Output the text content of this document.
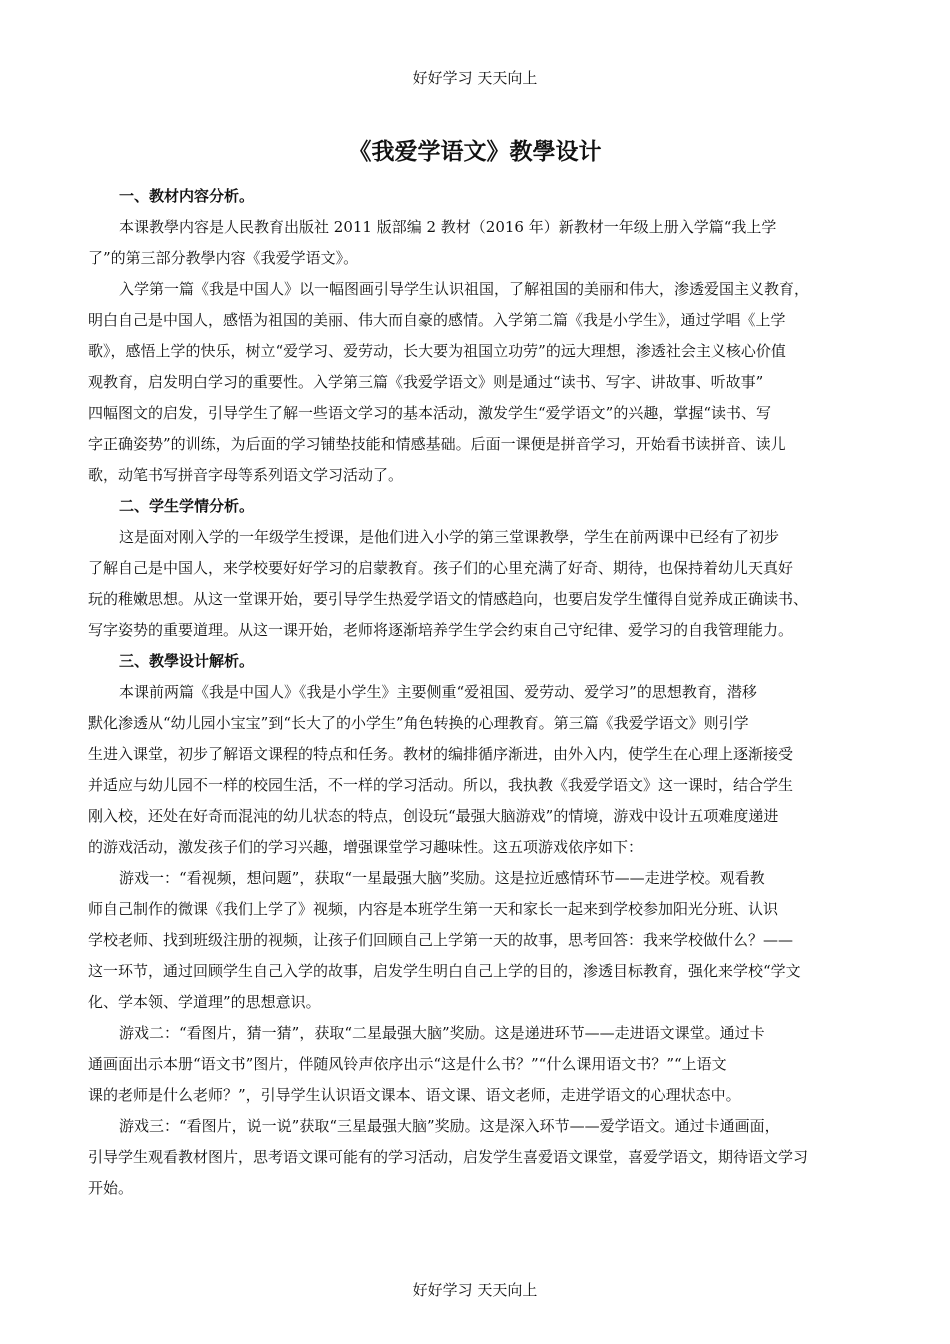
好好学习 天天向上
《我爱学语文》教學设计
一、教材内容分析。

本课教學内容是人民教育出版社 2011 版部编 2 教材（2016 年）新教材一年级上册入学篇“我上学
了”的第三部分教學内容《我爱学语文》。

入学第一篇《我是中国人》以一幅图画引导学生认识祖国，了解祖国的美丽和伟大，渗透爱国主义教育，
明白自己是中国人，感悟为祖国的美丽、伟大而自豪的感情。入学第二篇《我是小学生》，通过学唱《上学
歌》，感悟上学的快乐，树立“爱学习、爱劳动，长大要为祖国立功劳”的远大理想，渗透社会主义核心价值
观教育，启发明白学习的重要性。入学第三篇《我爱学语文》则是通过“读书、写字、讲故事、听故事”
四幅图文的启发，引导学生了解一些语文学习的基本活动，激发学生“爱学语文”的兴趣，掌握“读书、写
字正确姿势”的训练，为后面的学习铺垫技能和情感基础。后面一课便是拼音学习，开始看书读拼音、读儿
歌，动笔书写拼音字母等系列语文学习活动了。

二、学生学情分析。

这是面对刚入学的一年级学生授课，是他们进入小学的第三堂课教學，学生在前两课中已经有了初步
了解自己是中国人，来学校要好好学习的启蒙教育。孩子们的心里充满了好奇、期待，也保持着幼儿天真好
玩的稚嫩思想。从这一堂课开始，要引导学生热爱学语文的情感趋向，也要启发学生懂得自觉养成正确读书、
写字姿势的重要道理。从这一课开始，老师将逐渐培养学生学会约束自己守纪律、爱学习的自我管理能力。

三、教學设计解析。

本课前两篇《我是中国人》《我是小学生》主要侧重“爱祖国、爱劳动、爱学习”的思想教育，潜移
默化渗透从“幼儿园小宝宝”到“长大了的小学生”角色转换的心理教育。第三篇《我爱学语文》则引学
生进入课堂，初步了解语文课程的特点和任务。教材的编排循序渐进，由外入内，使学生在心理上逐渐接受
并适应与幼儿园不一样的校园生活，不一样的学习活动。所以，我执教《我爱学语文》这一课时，结合学生
刚入校，还处在好奇而混沌的幼儿状态的特点，创设玩“最强大脑游戏”的情境，游戏中设计五项难度递进
的游戏活动，激发孩子们的学习兴趣，增强课堂学习趣味性。这五项游戏依序如下：

游戏一：“看视频，想问题”，获取“一星最强大脑”奖励。这是拉近感情环节——走进学校。观看教
师自己制作的微课《我们上学了》视频，内容是本班学生第一天和家长一起来到学校参加阳光分班、认识
学校老师、找到班级注册的视频，让孩子们回顾自己上学第一天的故事，思考回答：我来学校做什么？——
这一环节，通过回顾学生自己入学的故事，启发学生明白自己上学的目的，渗透目标教育，强化来学校“学文
化、学本领、学道理”的思想意识。

游戏二：“看图片，猜一猜”，获取“二星最强大脑”奖励。这是递进环节——走进语文课堂。通过卡
通画面出示本册“语文书”图片，伴随风铃声依序出示“这是什么书？”“什么课用语文书？”“上语文
课的老师是什么老师？”，引导学生认识语文课本、语文课、语文老师，走进学语文的心理状态中。

游戏三：“看图片，说一说”获取“三星最强大脑”奖励。这是深入环节——爱学语文。通过卡通画面，
引导学生观看教材图片，思考语文课可能有的学习活动，启发学生喜爱语文课堂，喜爱学语文，期待语文学习
开始。

好好学习 天天向上
